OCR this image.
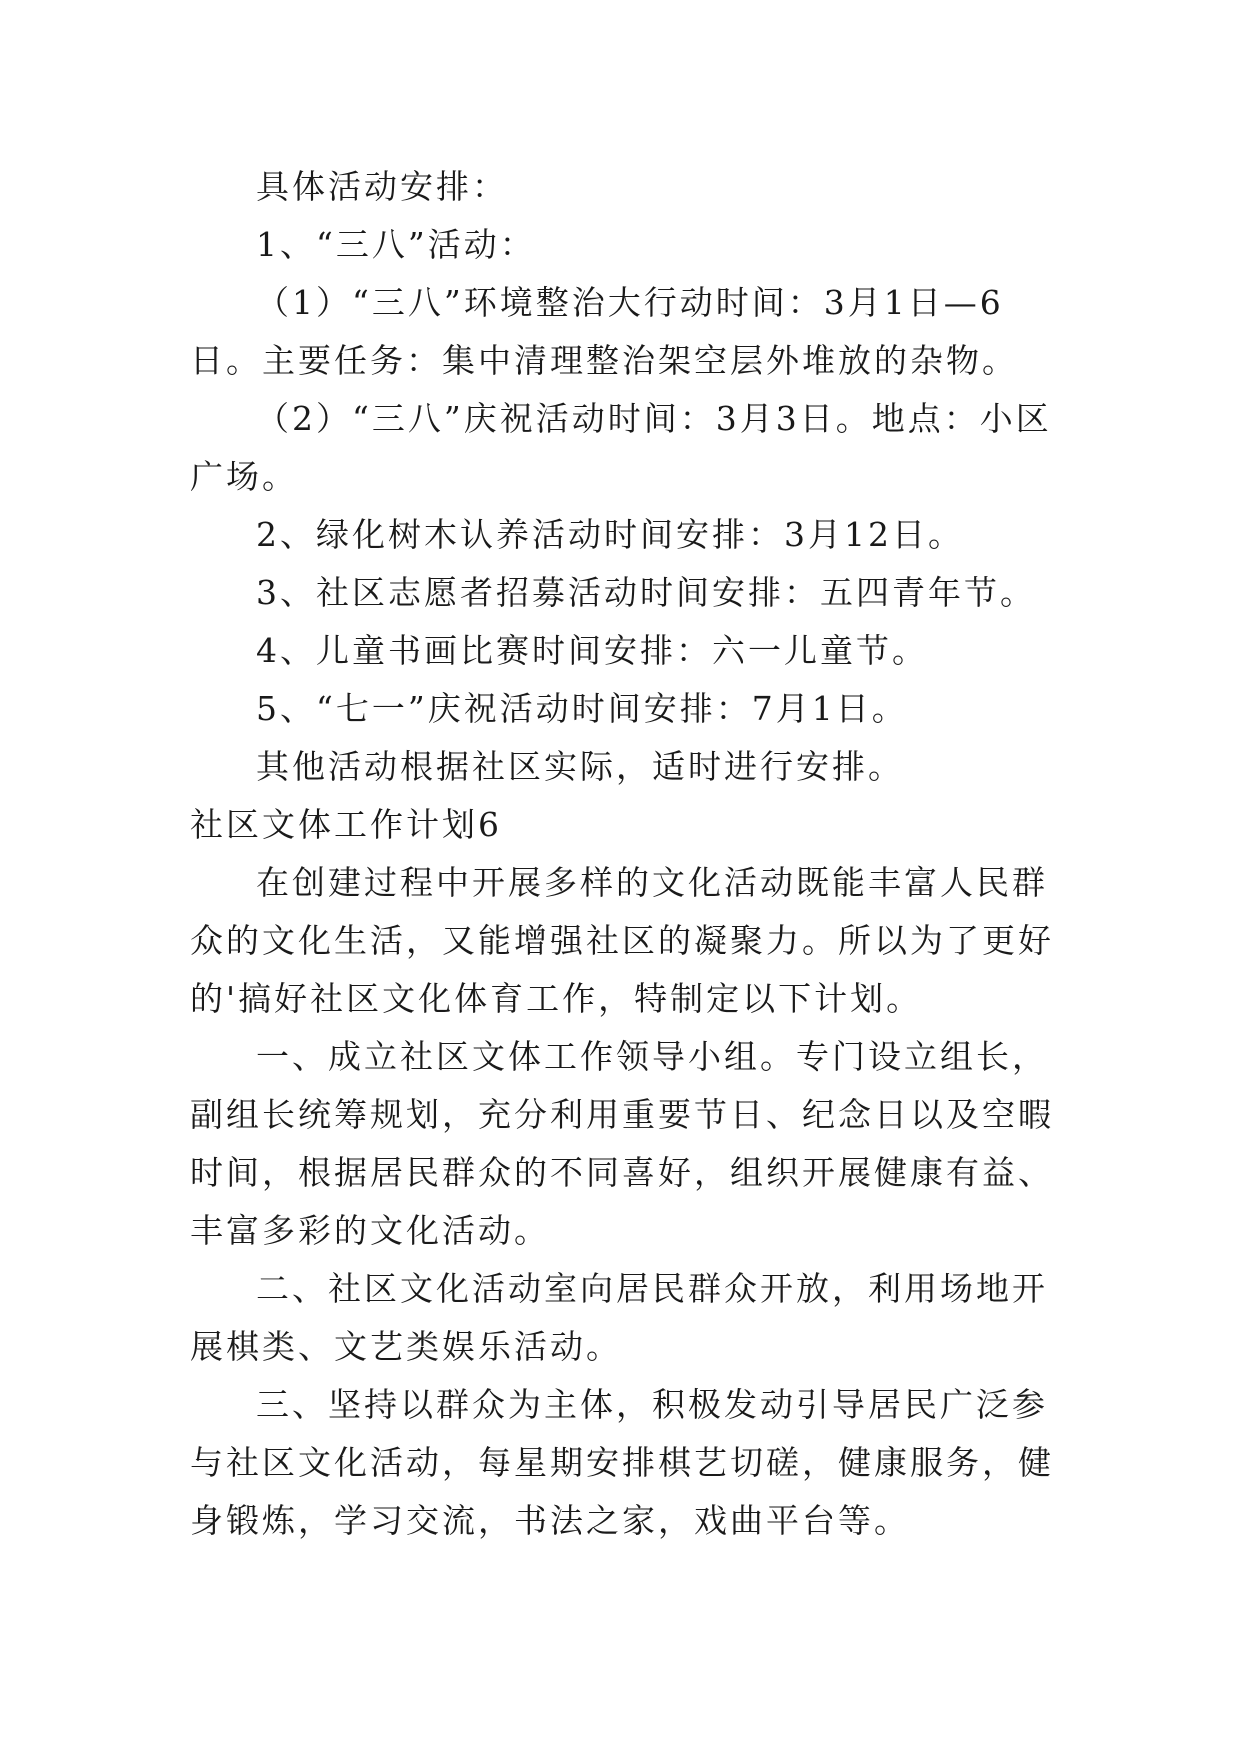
具体活动安排：

1、“三八”活动：

（1）“三八”环境整治大行动时间：3月1日—6日。主要任务：集中清理整治架空层外堆放的杂物。

（2）“三八”庆祝活动时间：3月3日。地点：小区广场。

2、绿化树木认养活动时间安排：3月12日。

3、社区志愿者招募活动时间安排：五四青年节。

4、儿童书画比赛时间安排：六一儿童节。

5、“七一”庆祝活动时间安排：7月1日。

其他活动根据社区实际，适时进行安排。

社区文体工作计划6

在创建过程中开展多样的文化活动既能丰富人民群众的文化生活，又能增强社区的凝聚力。所以为了更好的'搞好社区文化体育工作，特制定以下计划。

一、成立社区文体工作领导小组。专门设立组长，副组长统筹规划，充分利用重要节日、纪念日以及空暇时间，根据居民群众的不同喜好，组织开展健康有益、丰富多彩的文化活动。

二、社区文化活动室向居民群众开放，利用场地开展棋类、文艺类娱乐活动。

三、坚持以群众为主体，积极发动引导居民广泛参与社区文化活动，每星期安排棋艺切磋，健康服务，健身锻炼，学习交流，书法之家，戏曲平台等。
